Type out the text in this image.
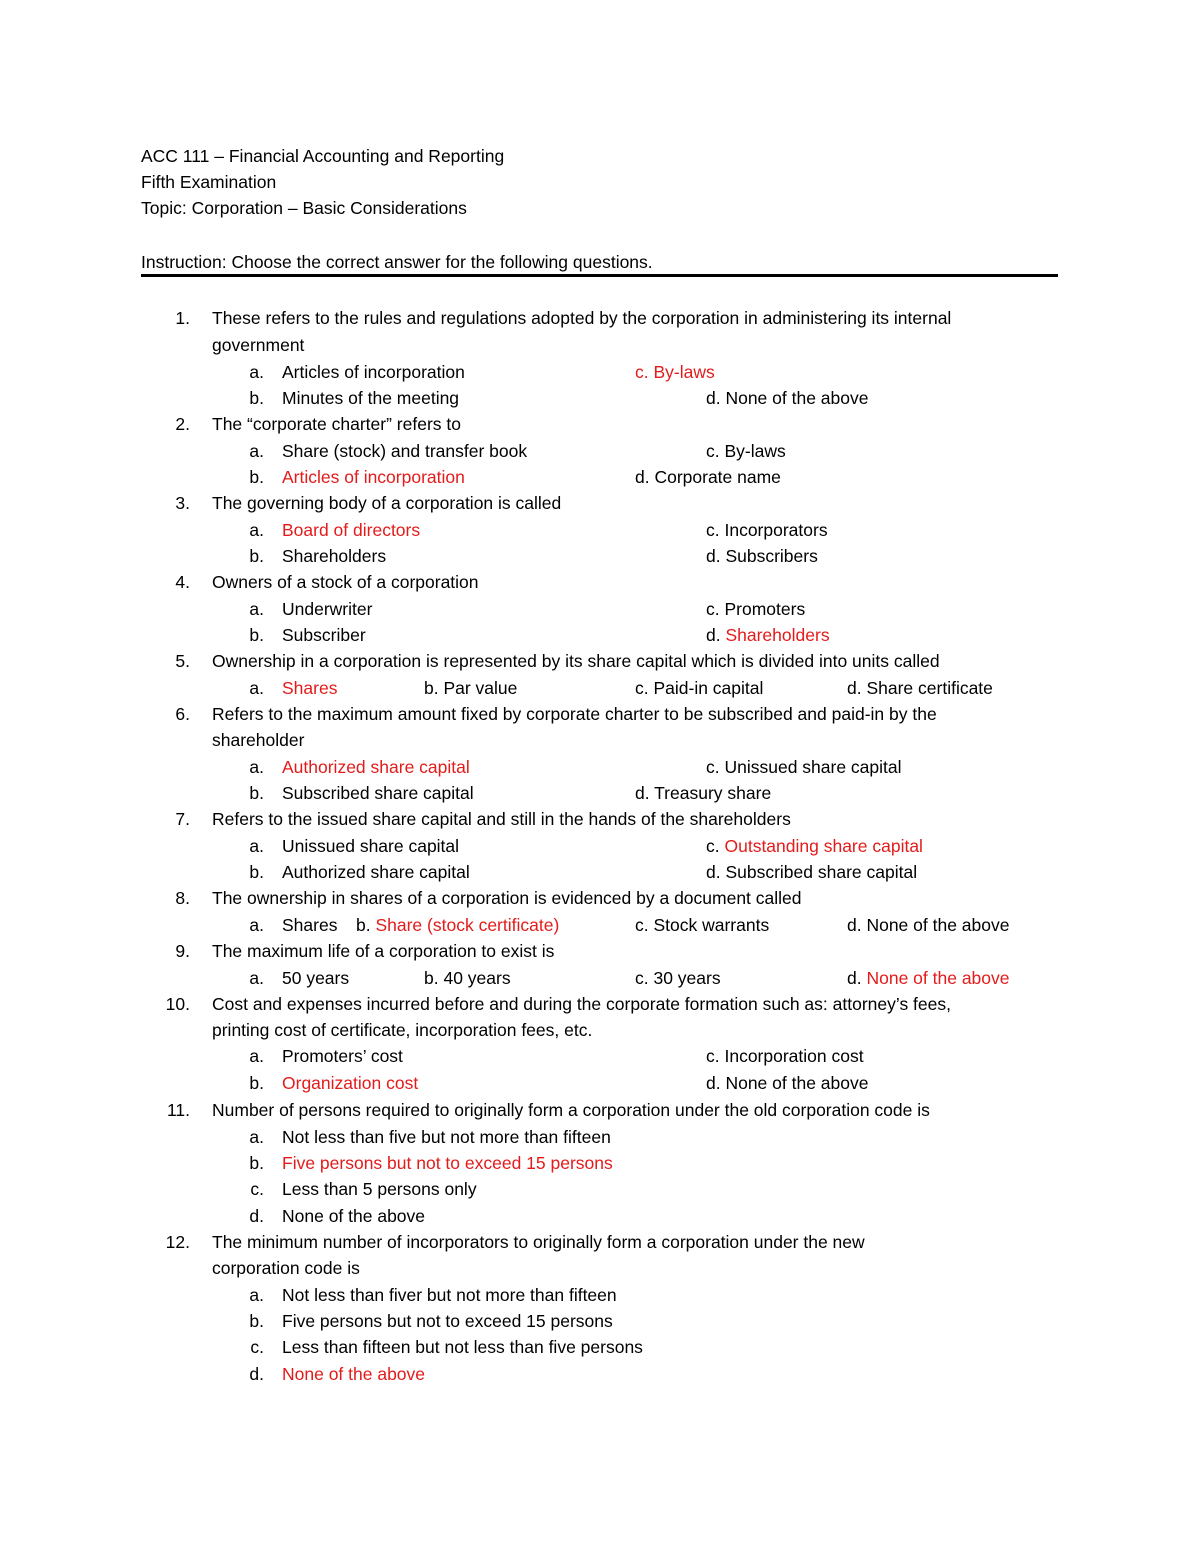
ACC 111 – Financial Accounting and Reporting
Fifth Examination
Topic: Corporation – Basic Considerations
Instruction: Choose the correct answer for the following questions.
1. These refers to the rules and regulations adopted by the corporation in administering its internal
government
a. Articles of incorporation	c. By-laws
b. Minutes of the meeting	d. None of the above
2. The “corporate charter” refers to
a. Share (stock) and transfer book	c. By-laws
b. Articles of incorporation	d. Corporate name
3. The governing body of a corporation is called
a. Board of directors	c. Incorporators
b. Shareholders	d. Subscribers
4. Owners of a stock of a corporation
a. Underwriter	c. Promoters
b. Subscriber	d. Shareholders
5. Ownership in a corporation is represented by its share capital which is divided into units called
a. Shares	b. Par value	c. Paid-in capital	d. Share certificate
6. Refers to the maximum amount fixed by corporate charter to be subscribed and paid-in by the
shareholder
a. Authorized share capital	c. Unissued share capital
b. Subscribed share capital	d. Treasury share
7. Refers to the issued share capital and still in the hands of the shareholders
a. Unissued share capital	c. Outstanding share capital
b. Authorized share capital	d. Subscribed share capital
8. The ownership in shares of a corporation is evidenced by a document called
a. Shares b. Share (stock certificate)	c. Stock warrants	d. None of the above
9. The maximum life of a corporation to exist is
a. 50 years	b. 40 years	c. 30 years	d. None of the above
10. Cost and expenses incurred before and during the corporate formation such as: attorney’s fees,
printing cost of certificate, incorporation fees, etc.
a. Promoters’ cost	c. Incorporation cost
b. Organization cost	d. None of the above
11. Number of persons required to originally form a corporation under the old corporation code is
a. Not less than five but not more than fifteen
b. Five persons but not to exceed 15 persons
c. Less than 5 persons only
d. None of the above
12. The minimum number of incorporators to originally form a corporation under the new
corporation code is
a. Not less than fiver but not more than fifteen
b. Five persons but not to exceed 15 persons
c. Less than fifteen but not less than five persons
d. None of the above
